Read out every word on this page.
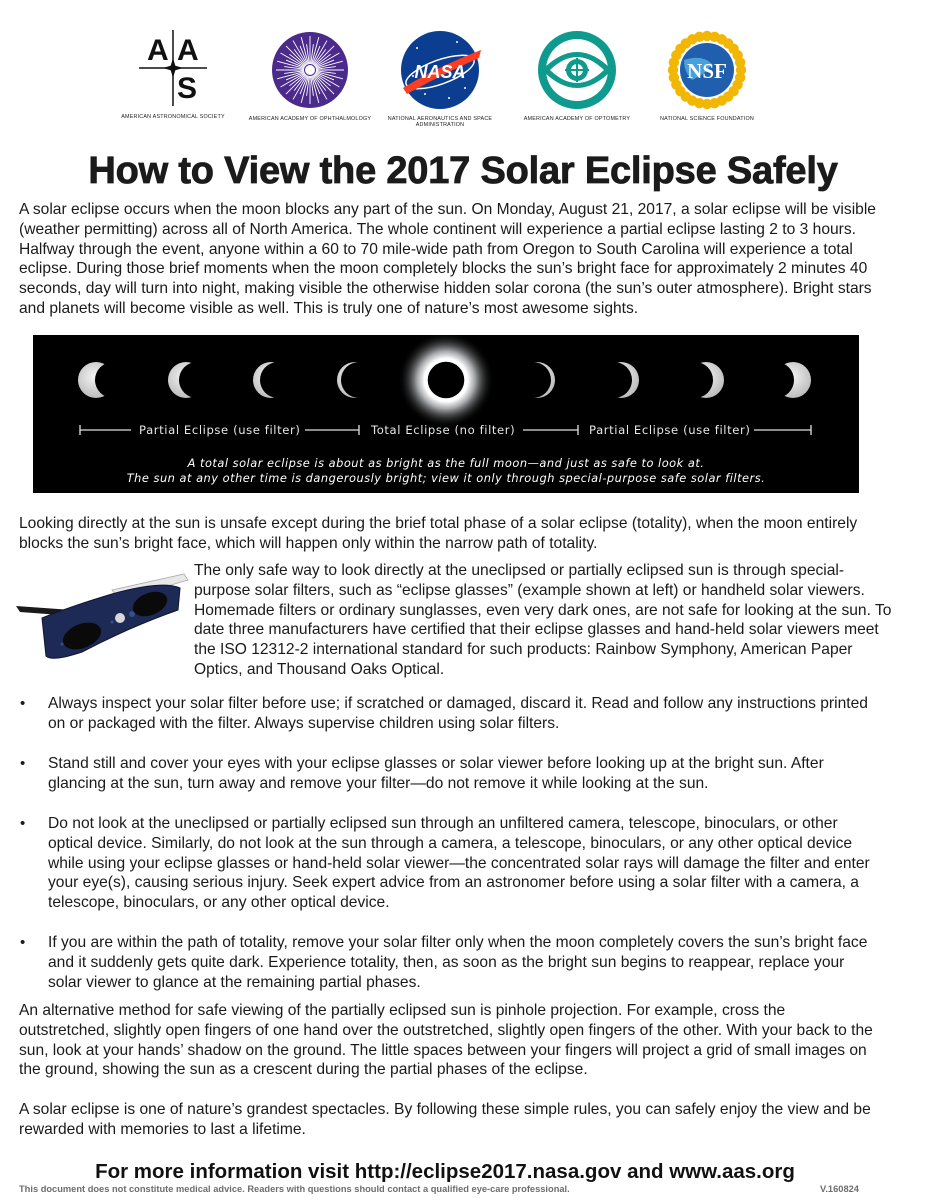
A A
S
AMERICAN ASTRONOMICAL SOCIETY	AMERICAN ACADEMY OF OPHTHALMOLOGY
NASA
NATIONAL AERONAUTICS AND SPACE ADMINISTRATION
AMERICAN ACADEMY OF OPTOMETRY
NSF
NATIONAL SCIENCE FOUNDATION
How to View the 2017 Solar Eclipse Safely

A solar eclipse occurs when the moon blocks any part of the sun. On Monday, August 21, 2017, a solar eclipse will be visible (weather permitting) across all of North America. The whole continent will experience a partial eclipse lasting 2 to 3 hours. Halfway through the event, anyone within a 60 to 70 mile-wide path from Oregon to South Carolina will experience a total eclipse. During those brief moments when the moon completely blocks the sun’s bright face for approximately 2 minutes 40 seconds, day will turn into night, making visible the otherwise hidden solar corona (the sun’s outer atmosphere). Bright stars and planets will become visible as well. This is truly one of nature’s most awesome sights.

Partial Eclipse (use filter)	Total Eclipse (no filter)	Partial Eclipse (use filter)
A total solar eclipse is about as bright as the full moon—and just as safe to look at.
The sun at any other time is dangerously bright; view it only through special-purpose safe solar filters.

Looking directly at the sun is unsafe except during the brief total phase of a solar eclipse (totality), when the moon entirely blocks the sun’s bright face, which will happen only within the narrow path of totality.

The only safe way to look directly at the uneclipsed or partially eclipsed sun is through special-purpose solar filters, such as “eclipse glasses” (example shown at left) or handheld solar viewers. Homemade filters or ordinary sunglasses, even very dark ones, are not safe for looking at the sun. To date three manufacturers have certified that their eclipse glasses and hand-held solar viewers meet the ISO 12312-2 international standard for such products: Rainbow Symphony, American Paper Optics, and Thousand Oaks Optical.

• Always inspect your solar filter before use; if scratched or damaged, discard it. Read and follow any instructions printed on or packaged with the filter. Always supervise children using solar filters.
• Stand still and cover your eyes with your eclipse glasses or solar viewer before looking up at the bright sun. After glancing at the sun, turn away and remove your filter—do not remove it while looking at the sun.
• Do not look at the uneclipsed or partially eclipsed sun through an unfiltered camera, telescope, binoculars, or other optical device. Similarly, do not look at the sun through a camera, a telescope, binoculars, or any other optical device while using your eclipse glasses or hand-held solar viewer—the concentrated solar rays will damage the filter and enter your eye(s), causing serious injury. Seek expert advice from an astronomer before using a solar filter with a camera, a telescope, binoculars, or any other optical device.
• If you are within the path of totality, remove your solar filter only when the moon completely covers the sun’s bright face and it suddenly gets quite dark. Experience totality, then, as soon as the bright sun begins to reappear, replace your solar viewer to glance at the remaining partial phases.

An alternative method for safe viewing of the partially eclipsed sun is pinhole projection. For example, cross the outstretched, slightly open fingers of one hand over the outstretched, slightly open fingers of the other. With your back to the sun, look at your hands’ shadow on the ground. The little spaces between your fingers will project a grid of small images on the ground, showing the sun as a crescent during the partial phases of the eclipse.

A solar eclipse is one of nature’s grandest spectacles. By following these simple rules, you can safely enjoy the view and be rewarded with memories to last a lifetime.

For more information visit http://eclipse2017.nasa.gov and www.aas.org
This document does not constitute medical advice. Readers with questions should contact a qualified eye-care professional.	V.160824
